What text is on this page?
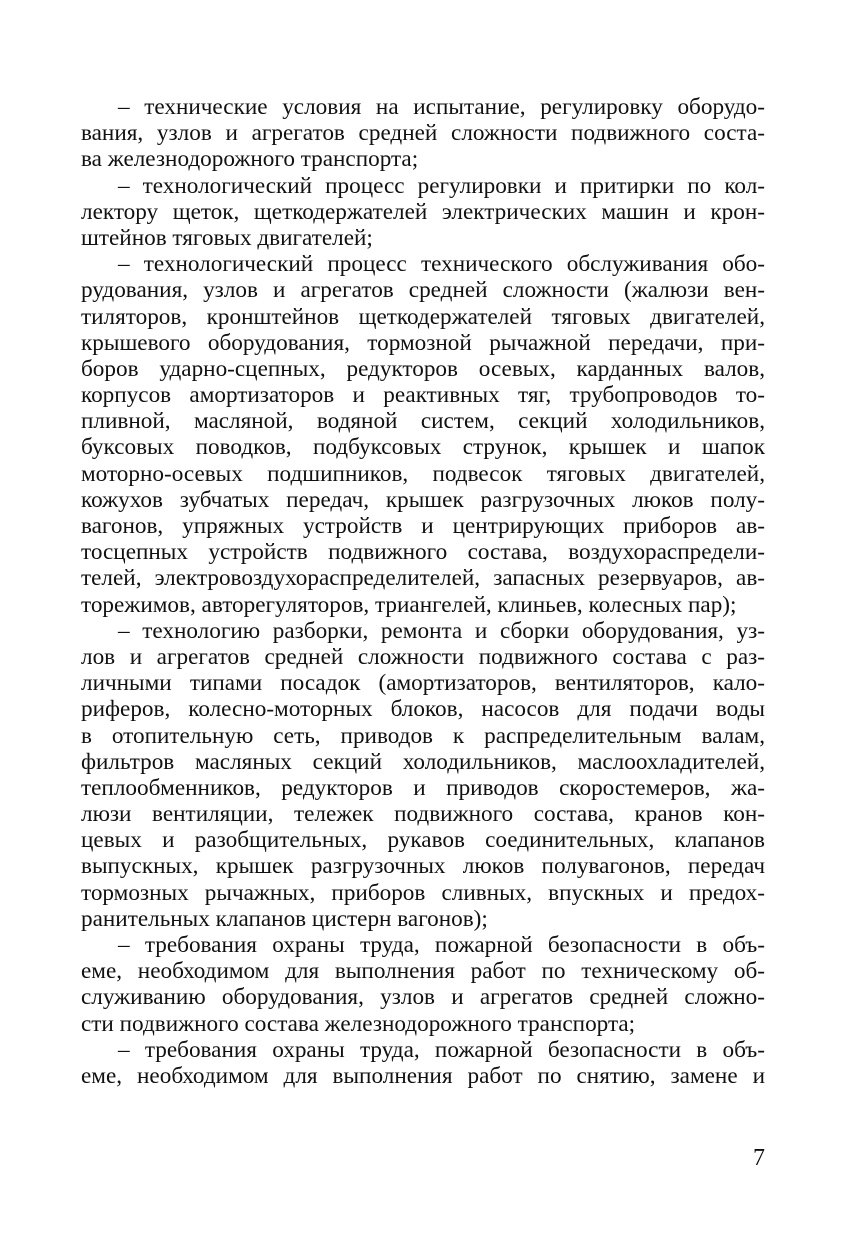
– технические условия на испытание, регулировку оборудо-
вания, узлов и агрегатов средней сложности подвижного соста-
ва железнодорожного транспорта;
– технологический процесс регулировки и притирки по кол-
лектору щеток, щеткодержателей электрических машин и крон-
штейнов тяговых двигателей;
– технологический процесс технического обслуживания обо-
рудования, узлов и агрегатов средней сложности (жалюзи вен-
тиляторов, кронштейнов щеткодержателей тяговых двигателей,
крышевого оборудования, тормозной рычажной передачи, при-
боров ударно-сцепных, редукторов осевых, карданных валов,
корпусов амортизаторов и реактивных тяг, трубопроводов то-
пливной, масляной, водяной систем, секций холодильников,
буксовых поводков, подбуксовых струнок, крышек и шапок
моторно-осевых подшипников, подвесок тяговых двигателей,
кожухов зубчатых передач, крышек разгрузочных люков полу-
вагонов, упряжных устройств и центрирующих приборов ав-
тосцепных устройств подвижного состава, воздухораспредели-
телей, электровоздухораспределителей, запасных резервуаров, ав-
торежимов, авторегуляторов, триангелей, клиньев, колесных пар);
– технологию разборки, ремонта и сборки оборудования, уз-
лов и агрегатов средней сложности подвижного состава с раз-
личными типами посадок (амортизаторов, вентиляторов, кало-
риферов, колесно-моторных блоков, насосов для подачи воды
в отопительную сеть, приводов к распределительным валам,
фильтров масляных секций холодильников, маслоохладителей,
теплообменников, редукторов и приводов скоростемеров, жа-
люзи вентиляции, тележек подвижного состава, кранов кон-
цевых и разобщительных, рукавов соединительных, клапанов
выпускных, крышек разгрузочных люков полувагонов, передач
тормозных рычажных, приборов сливных, впускных и предох-
ранительных клапанов цистерн вагонов);
– требования охраны труда, пожарной безопасности в объ-
еме, необходимом для выполнения работ по техническому об-
служиванию оборудования, узлов и агрегатов средней сложно-
сти подвижного состава железнодорожного транспорта;
– требования охраны труда, пожарной безопасности в объ-
еме, необходимом для выполнения работ по снятию, замене и
7
